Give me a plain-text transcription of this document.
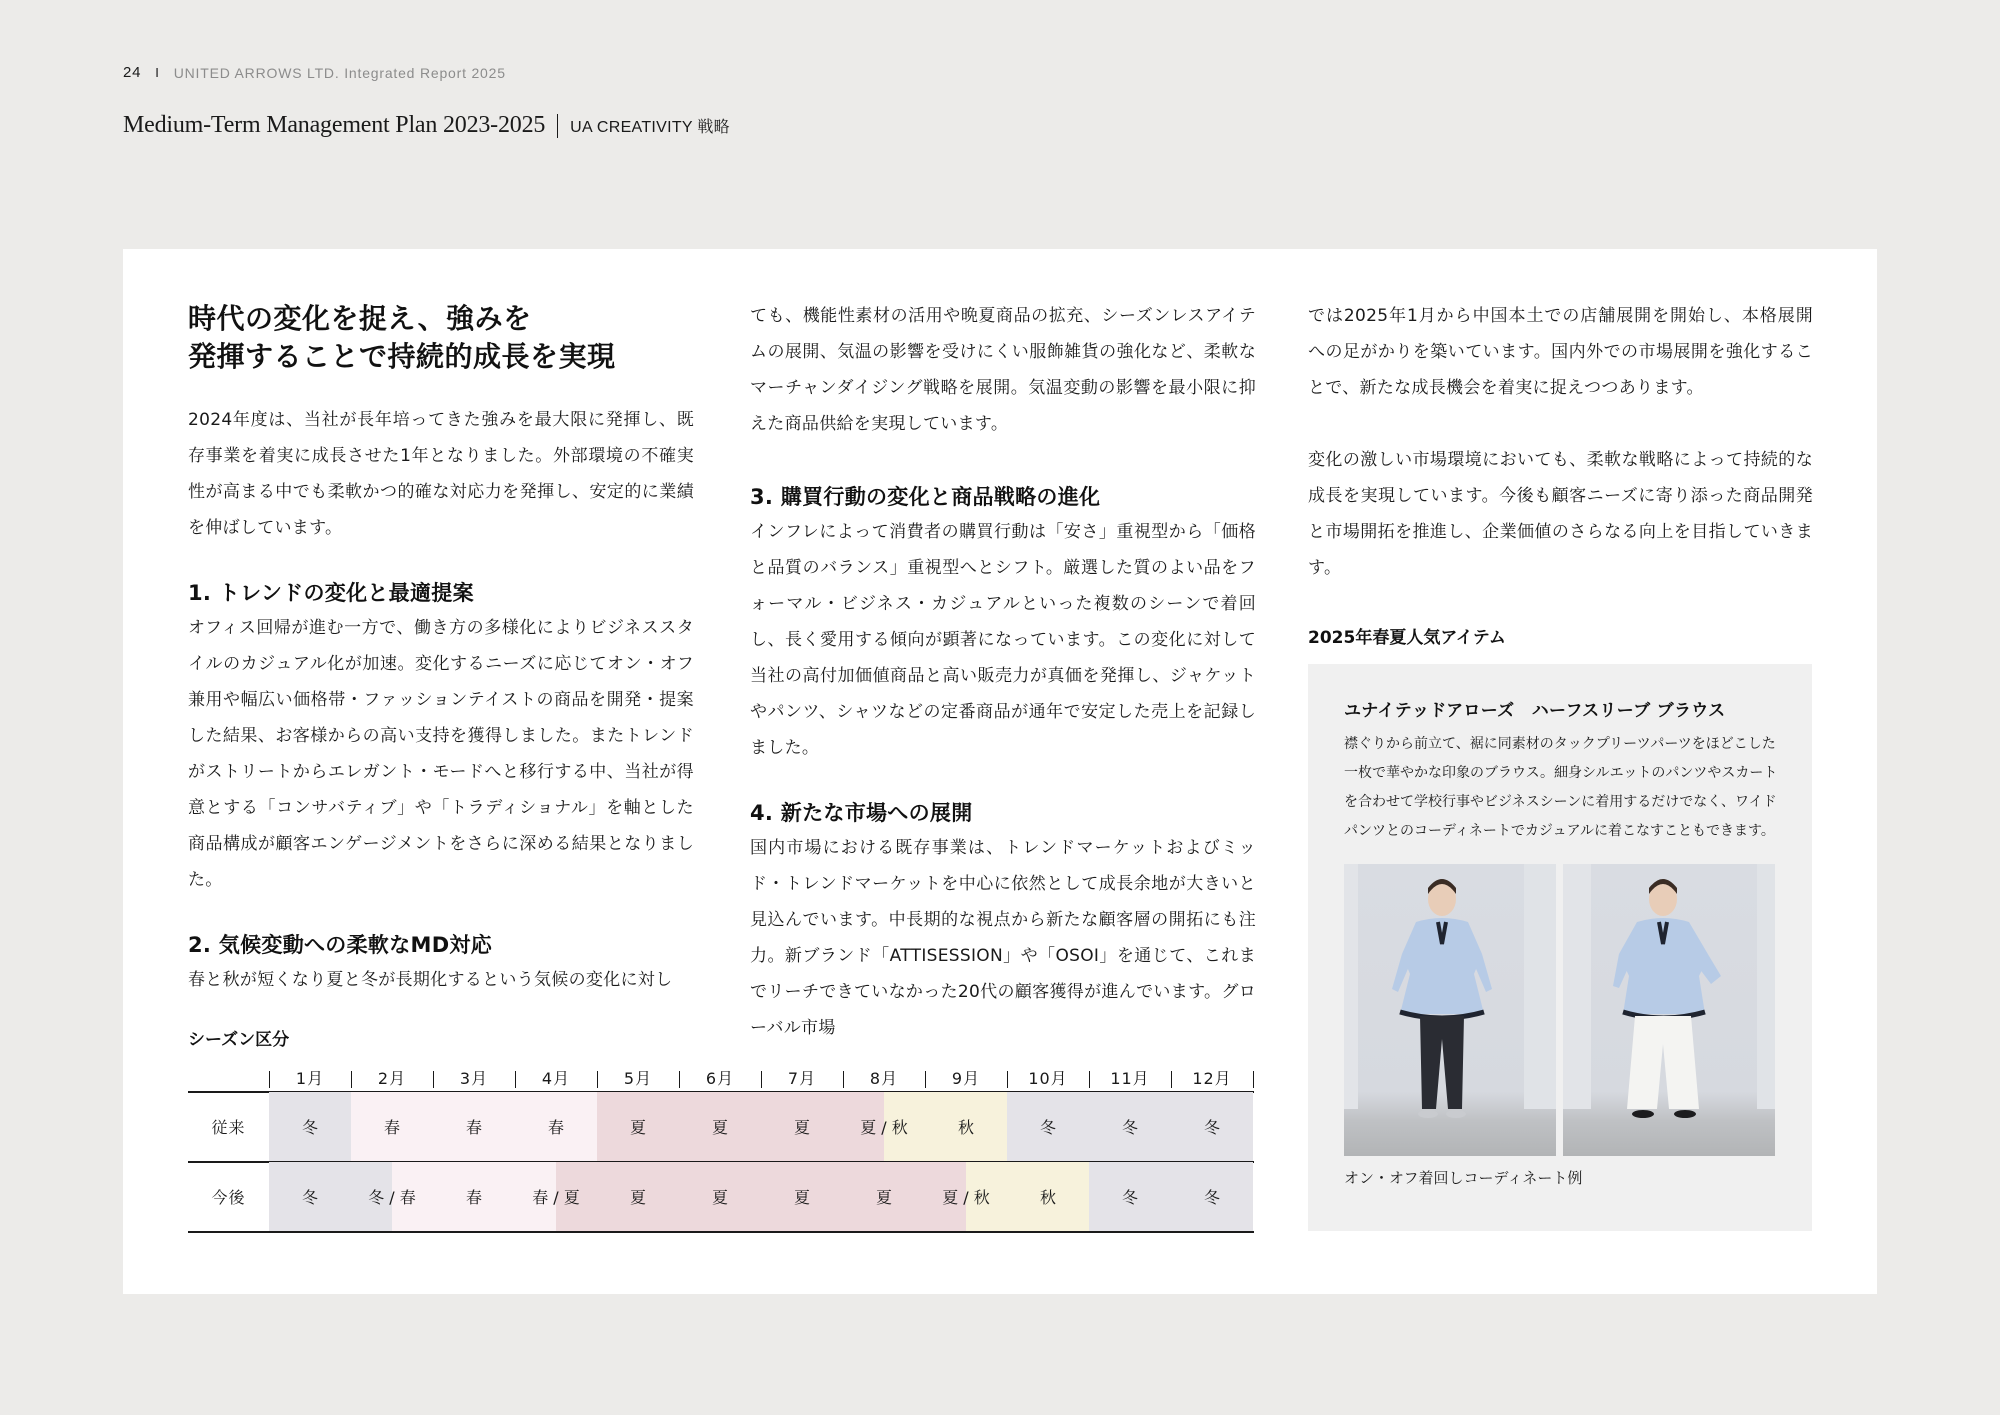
24 I UNITED ARROWS LTD. Integrated Report 2025
Medium-Term Management Plan 2023-2025 UA CREATIVITY 戦略
時代の変化を捉え、強みを
発揮することで持続的成長を実現

2024年度は、当社が長年培ってきた強みを最大限に発揮し、既存事業を着実に成長させた1年となりました。外部環境の不確実性が高まる中でも柔軟かつ的確な対応力を発揮し、安定的に業績を伸ばしています。

1. トレンドの変化と最適提案

オフィス回帰が進む一方で、働き方の多様化によりビジネススタイルのカジュアル化が加速。変化するニーズに応じてオン・オフ兼用や幅広い価格帯・ファッションテイストの商品を開発・提案した結果、お客様からの高い支持を獲得しました。またトレンドがストリートからエレガント・モードへと移行する中、当社が得意とする「コンサバティブ」や「トラディショナル」を軸とした商品構成が顧客エンゲージメントをさらに深める結果となりました。

2. 気候変動への柔軟なMD対応

春と秋が短くなり夏と冬が長期化するという気候の変化に対し

ても、機能性素材の活用や晩夏商品の拡充、シーズンレスアイテムの展開、気温の影響を受けにくい服飾雑貨の強化など、柔軟なマーチャンダイジング戦略を展開。気温変動の影響を最小限に抑えた商品供給を実現しています。

3. 購買行動の変化と商品戦略の進化

インフレによって消費者の購買行動は「安さ」重視型から「価格と品質のバランス」重視型へとシフト。厳選した質のよい品をフォーマル・ビジネス・カジュアルといった複数のシーンで着回し、長く愛用する傾向が顕著になっています。この変化に対して当社の高付加価値商品と高い販売力が真価を発揮し、ジャケットやパンツ、シャツなどの定番商品が通年で安定した売上を記録しました。

4. 新たな市場への展開

国内市場における既存事業は、トレンドマーケットおよびミッド・トレンドマーケットを中心に依然として成長余地が大きいと見込んでいます。中長期的な視点から新たな顧客層の開拓にも注力。新ブランド「ATTISESSION」や「OSOI」を通じて、これまでリーチできていなかった20代の顧客獲得が進んでいます。グローバル市場

では2025年1月から中国本土での店舗展開を開始し、本格展開への足がかりを築いています。国内外での市場展開を強化することで、新たな成長機会を着実に捉えつつあります。

変化の激しい市場環境においても、柔軟な戦略によって持続的な成長を実現しています。今後も顧客ニーズに寄り添った商品開発と市場開拓を推進し、企業価値のさらなる向上を目指していきます。

2025年春夏人気アイテム
ユナイテッドアローズ　ハーフスリーブ ブラウス

襟ぐりから前立て、裾に同素材のタックプリーツパーツをほどこした一枚で華やかな印象のブラウス。細身シルエットのパンツやスカートを合わせて学校行事やビジネスシーンに着用するだけでなく、ワイドパンツとのコーディネートでカジュアルに着こなすこともできます。

オン・オフ着回しコーディネート例
シーズン区分
1月	2月	3月	4月	5月	6月	7月	8月	9月	10月	11月	12月
従来	冬	春	春	春	夏	夏	夏	夏 / 秋	秋	冬	冬	冬
今後	冬	冬 / 春	春	春 / 夏	夏	夏	夏	夏	夏 / 秋	秋	冬	冬
